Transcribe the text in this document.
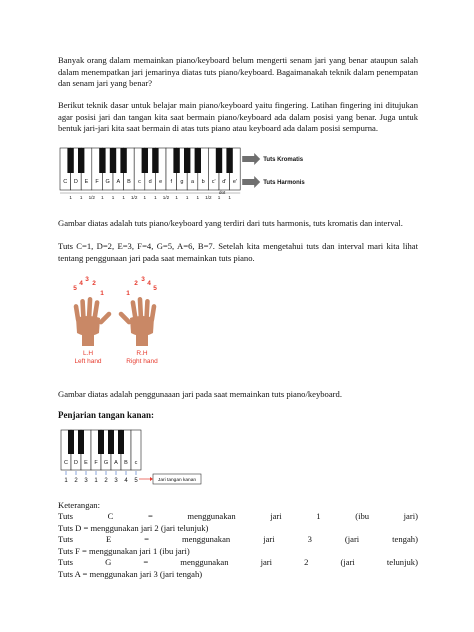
Banyak orang dalam memainkan piano/keyboard belum mengerti senam jari yang benar ataupun salah dalam menempatkan jari jemarinya diatas tuts piano/keyboard. Bagaimanakah teknik dalam penempatan dan senam jari yang benar?
Berikut teknik dasar untuk belajar main piano/keyboard yaitu fingering. Latihan fingering ini ditujukan agar posisi jari dan tangan kita saat bermain piano/keyboard ada dalam posisi yang benar. Juga untuk bentuk jari-jari kita saat bermain di atas tuts piano atau keyboard ada dalam posisi sempurna.
C D E F G A B c d e f g a b c' d' e'
1 1 1/2 1 1 1 1/2 1 1 1/2 1 1 1 1/2 1 1
dot
Tuts Kromatis
Tuts Harmonis
Gambar diatas adalah tuts piano/keyboard yang terdiri dari tuts harmonis, tuts kromatis dan interval.
Tuts C=1, D=2, E=3, F=4, G=5, A=6, B=7. Setelah kita mengetahui tuts dan interval mari kita lihat tentang penggunaan jari pada saat memainkan tuts piano.
5
4
3
2
1	1
2
3
4
5
L.H
Left hand
R.H
Right hand
Gambar diatas adalah penggunaaan jari pada saat memainkan tuts piano/keyboard.
Penjarian tangan kanan:
C D E F G A B c
1 2 3 1 2 3 4 5	Jari tangan kanan
Keterangan:
Tuts	C	=	menggunakan	jari	1	(ibu	jari)
Tuts D = menggunakan jari 2 (jari telunjuk)
Tuts	E	=	menggunakan	jari	3	(jari	tengah)
Tuts F = menggunakan jari 1 (ibu jari)
Tuts	G	=	menggunakan	jari	2	(jari	telunjuk)
Tuts A = menggunakan jari 3 (jari tengah)
